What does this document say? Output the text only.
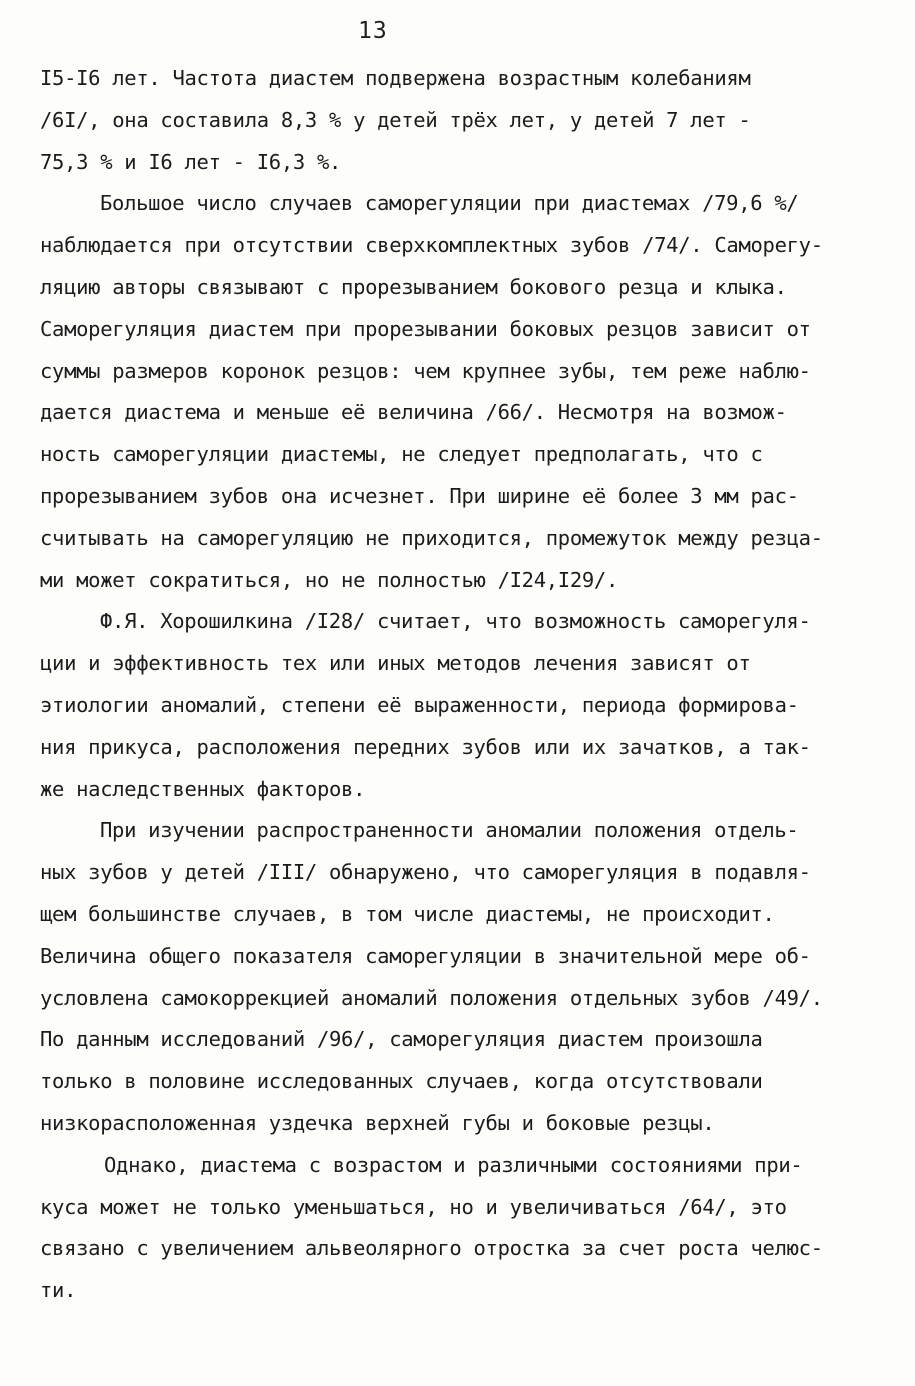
13
I5-I6 лет. Частота диастем подвержена возрастным колебаниям
/6I/, она составила 8,3 % у детей трёх лет, у детей 7 лет -
75,3 % и I6 лет - I6,3 %.
Большое число случаев саморегуляции при диастемах /79,6 %/
наблюдается при отсутствии сверхкомплектных зубов /74/. Саморегу-
ляцию авторы связывают с прорезыванием бокового резца и клыка.
Саморегуляция диастем при прорезывании боковых резцов зависит от
суммы размеров коронок резцов: чем крупнее зубы, тем реже наблю-
дается диастема и меньше её величина /66/. Несмотря на возмож-
ность саморегуляции диастемы, не следует предполагать, что с
прорезыванием зубов она исчезнет. При ширине её более 3 мм рас-
считывать на саморегуляцию не приходится, промежуток между резца-
ми может сократиться, но не полностью /I24,I29/.
Ф.Я. Хорошилкина /I28/ считает, что возможность саморегуля-
ции и эффективность тех или иных методов лечения зависят от
этиологии аномалий, степени её выраженности, периода формирова-
ния прикуса, расположения передних зубов или их зачатков, а так-
же наследственных факторов.
При изучении распространенности аномалии положения отдель-
ных зубов у детей /III/ обнаружено, что саморегуляция в подавля-
щем большинстве случаев, в том числе диастемы, не происходит.
Величина общего показателя саморегуляции в значительной мере об-
условлена самокоррекцией аномалий положения отдельных зубов /49/.
По данным исследований /96/, саморегуляция диастем произошла
только в половине исследованных случаев, когда отсутствовали
низкорасположенная уздечка верхней губы и боковые резцы.
Однако, диастема с возрастом и различными состояниями при-
куса может не только уменьшаться, но и увеличиваться /64/, это
связано с увеличением альвеолярного отростка за счет роста челюс-
ти.
